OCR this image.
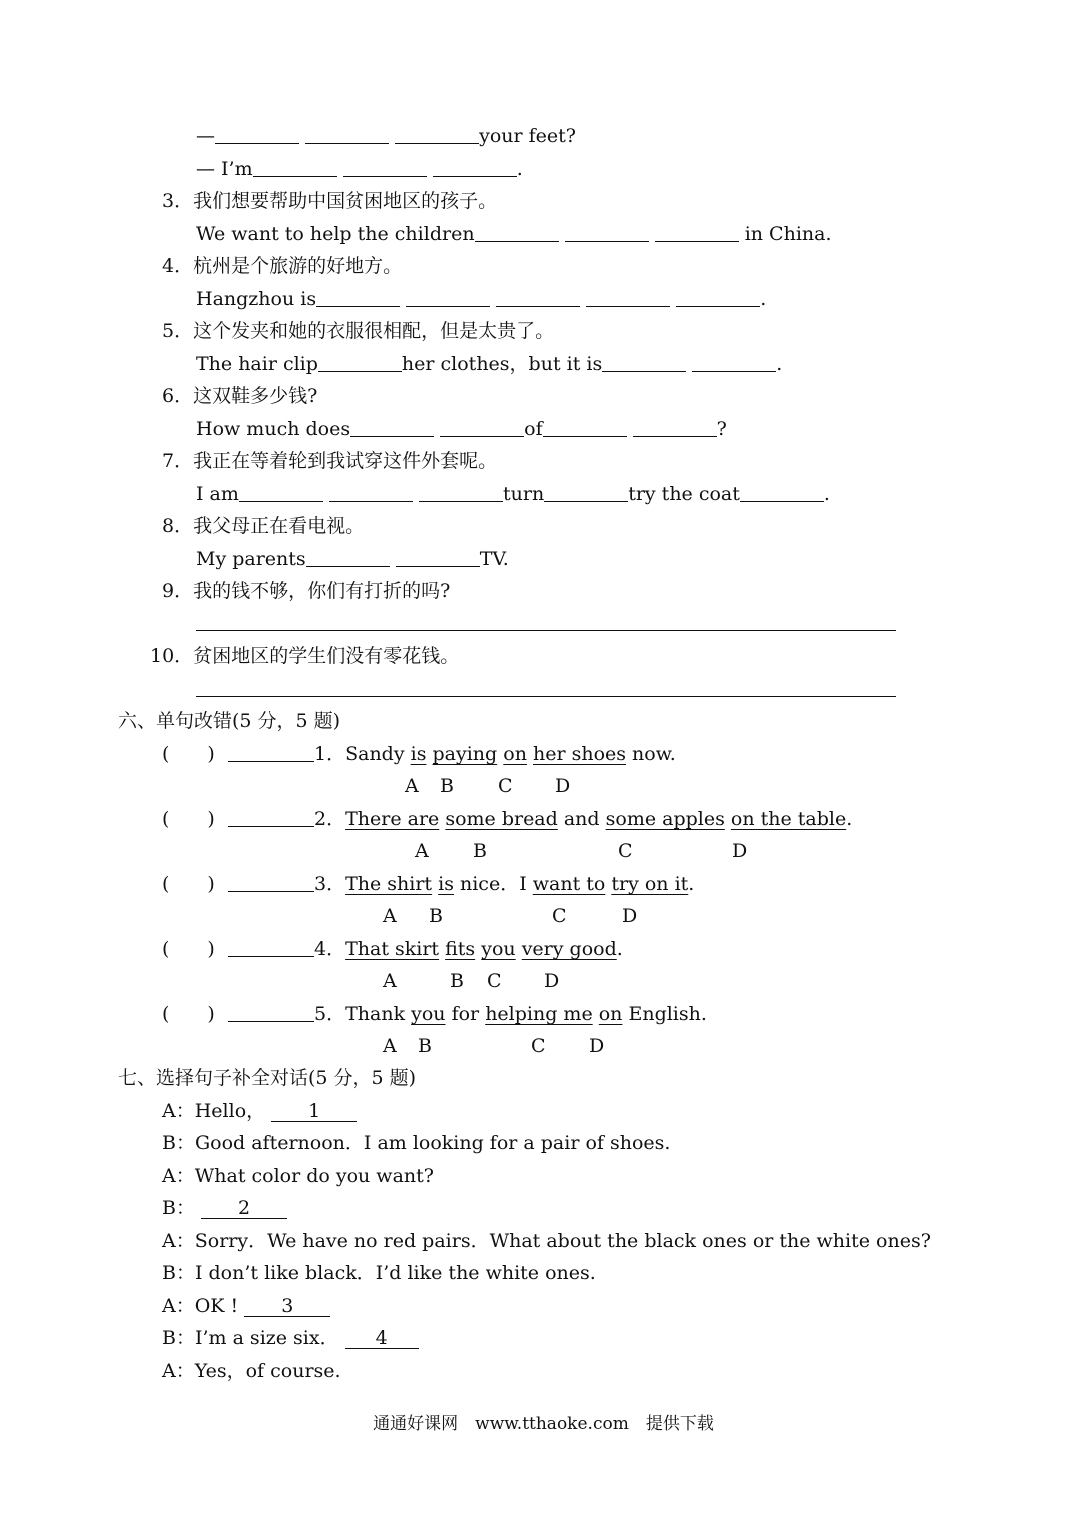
—	your feet?
— I’m	.
3．我们想要帮助中国贫困地区的孩子。
We want to help the children	in China.
4．杭州是个旅游的好地方。
Hangzhou is	.
5．这个发夹和她的衣服很相配，但是太贵了。
The hair clip	her clothes，but it is	.
6．这双鞋多少钱?
How much does	of	?
7．我正在等着轮到我试穿这件外套呢。
I am	turn	try the coat	.
8．我父母正在看电视。
My parents	TV.
9．我的钱不够，你们有打折的吗?
10．贫困地区的学生们没有零花钱。
六、单句改错(5 分，5 题)
(　　)	1．Sandy is paying on her shoes now.
A B C D
(　　)	2．There are some bread and some apples on the table.
A B	C	D
(　　)	3．The shirt is nice．I want to try on it.
A B	C	D
(　　)	4．That skirt fits you very good.
A	B C D
(　　)	5．Thank you for helping me on English.
A B	C D
七、选择句子补全对话(5 分，5 题)
A：Hello， 1
B：Good afternoon．I am looking for a pair of shoes.
A：What color do you want?
B： 2
A：Sorry．We have no red pairs．What about the black ones or the white ones?
B：I don’t like black．I’d like the white ones.
A：OK ! 3
B：I’m a size six． 4
A：Yes，of course.
通通好课网　www.tthaoke.com　提供下载
